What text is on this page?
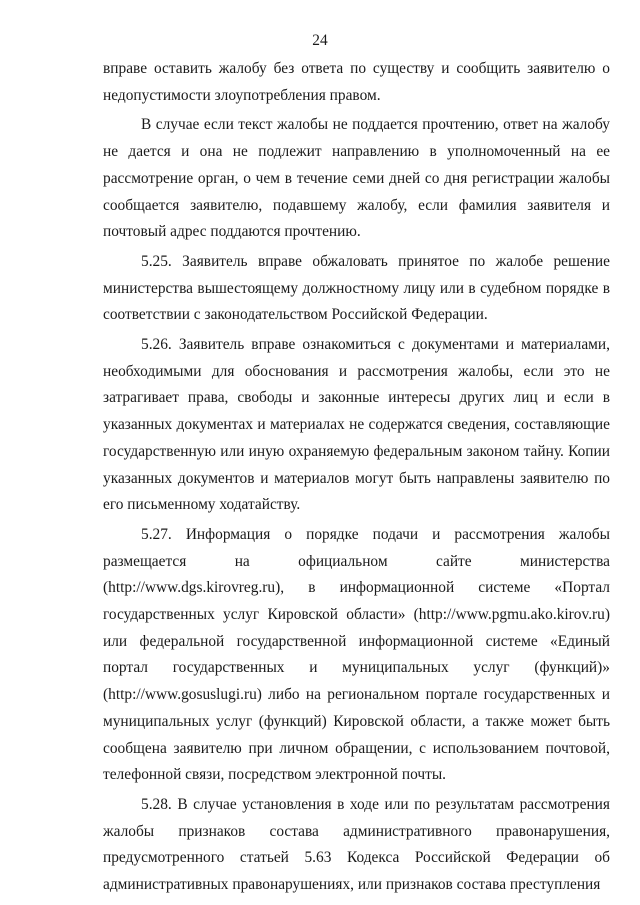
24

вправе оставить жалобу без ответа по существу и сообщить заявителю о недопустимости злоупотребления правом.

В случае если текст жалобы не поддается прочтению, ответ на жалобу не дается и она не подлежит направлению в уполномоченный на ее рассмотрение орган, о чем в течение семи дней со дня регистрации жалобы сообщается заявителю, подавшему жалобу, если фамилия заявителя и почтовый адрес поддаются прочтению.

5.25. Заявитель вправе обжаловать принятое по жалобе решение министерства вышестоящему должностному лицу или в судебном порядке в соответствии с законодательством Российской Федерации.

5.26. Заявитель вправе ознакомиться с документами и материалами, необходимыми для обоснования и рассмотрения жалобы, если это не затрагивает права, свободы и законные интересы других лиц и если в указанных документах и материалах не содержатся сведения, составляющие государственную или иную охраняемую федеральным законом тайну. Копии указанных документов и материалов могут быть направлены заявителю по его письменному ходатайству.

5.27. Информация о порядке подачи и рассмотрения жалобы размещается на официальном сайте министерства (http://www.dgs.kirovreg.ru), в информационной системе «Портал государственных услуг Кировской области» (http://www.pgmu.ako.kirov.ru) или федеральной государственной информационной системе «Единый портал государственных и муниципальных услуг (функций)» (http://www.gosuslugi.ru) либо на региональном портале государственных и муниципальных услуг (функций) Кировской области, а также может быть сообщена заявителю при личном обращении, с использованием почтовой, телефонной связи, посредством электронной почты.

5.28. В случае установления в ходе или по результатам рассмотрения жалобы признаков состава административного правонарушения, предусмотренного статьей 5.63 Кодекса Российской Федерации об административных правонарушениях, или признаков состава преступления
